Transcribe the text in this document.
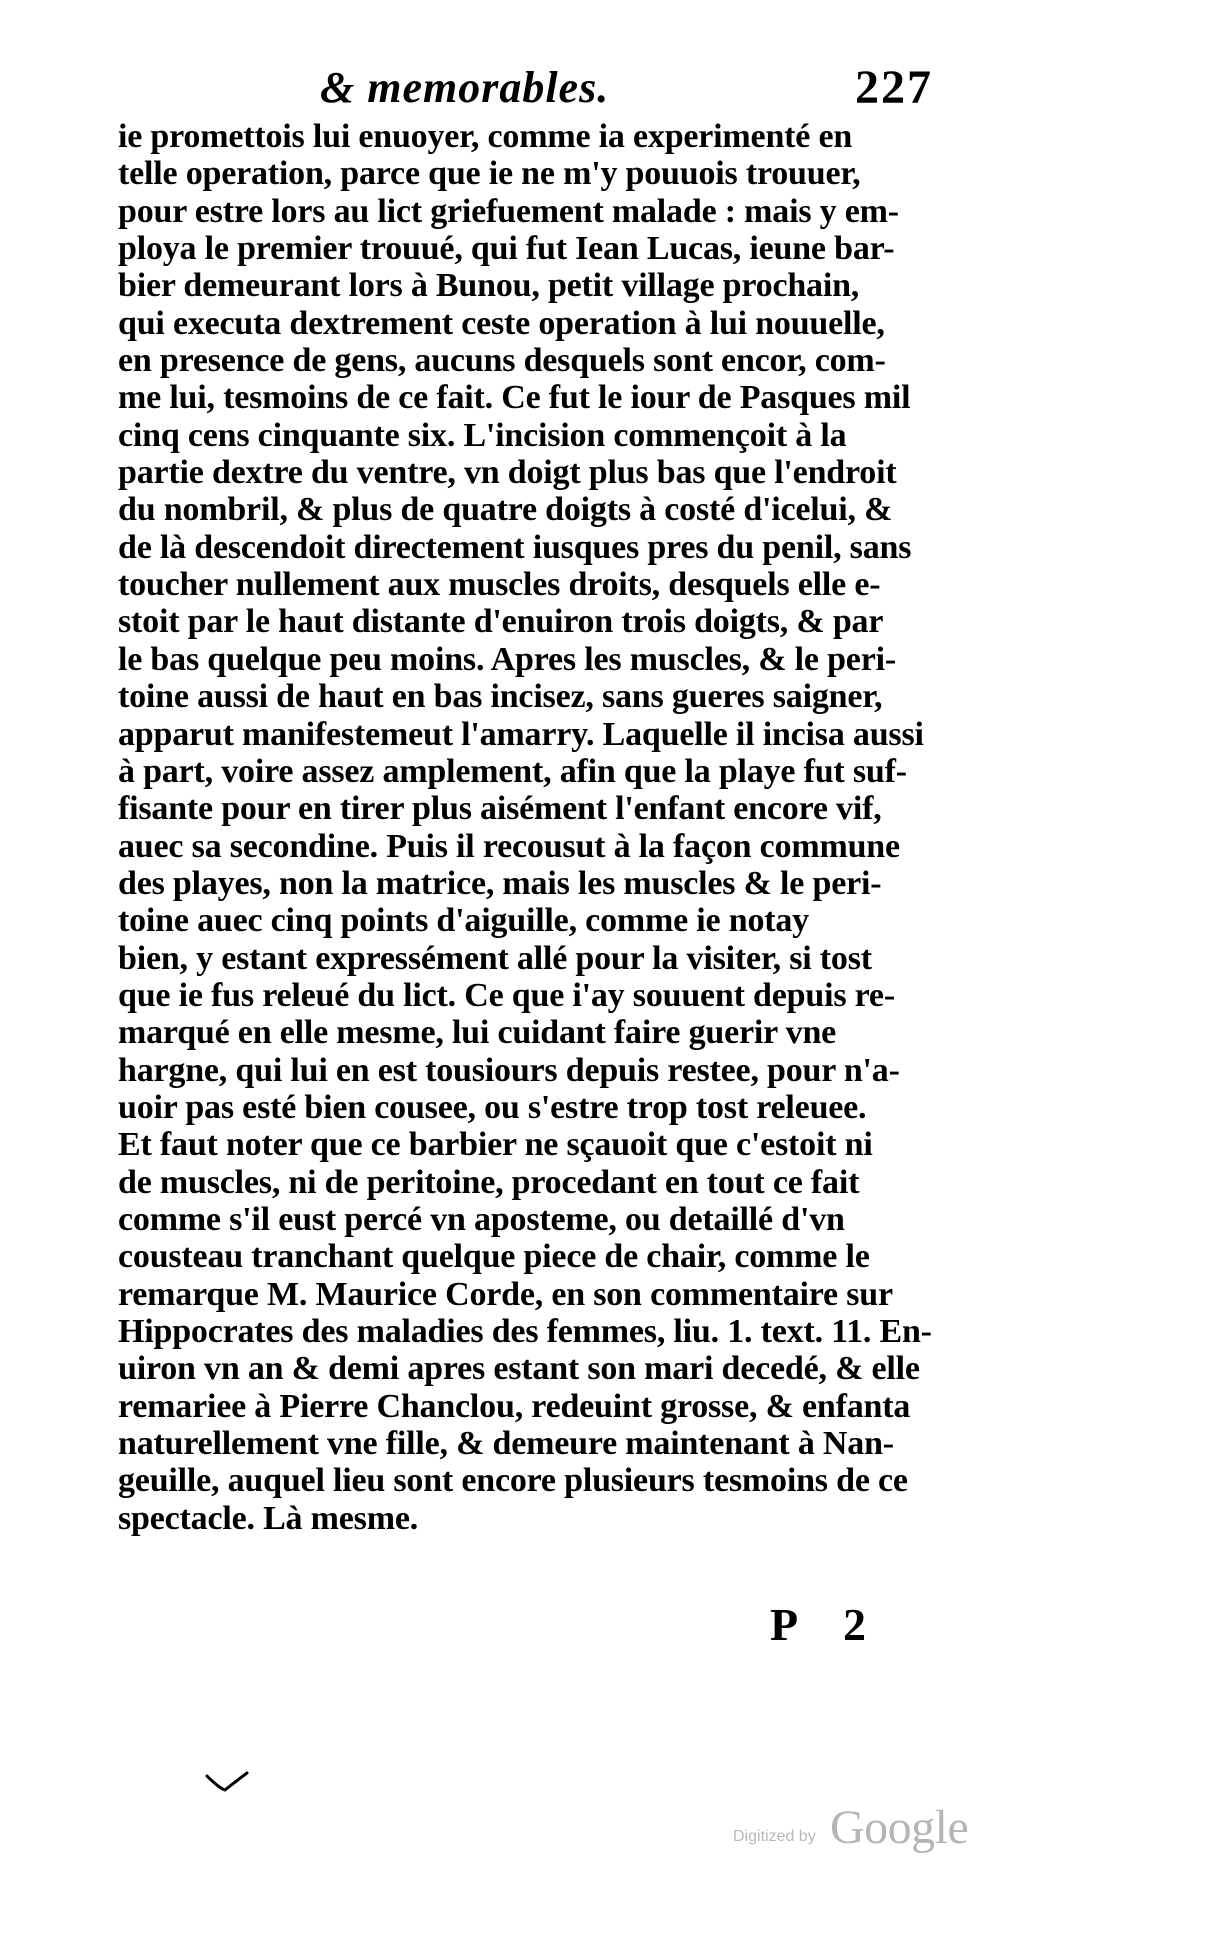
& memorables.	227
ie promettois lui enuoyer, comme ia experimenté en
telle operation, parce que ie ne m'y pouuois trouuer,
pour estre lors au lict griefuement malade : mais y em-
ploya le premier trouué, qui fut Iean Lucas, ieune bar-
bier demeurant lors à Bunou, petit village prochain,
qui executa dextrement ceste operation à lui nouuelle,
en presence de gens, aucuns desquels sont encor, com-
me lui, tesmoins de ce fait. Ce fut le iour de Pasques mil
cinq cens cinquante six. L'incision commençoit à la
partie dextre du ventre, vn doigt plus bas que l'endroit
du nombril, & plus de quatre doigts à costé d'icelui, &
de là descendoit directement iusques pres du penil, sans
toucher nullement aux muscles droits, desquels elle e-
stoit par le haut distante d'enuiron trois doigts, & par
le bas quelque peu moins. Apres les muscles, & le peri-
toine aussi de haut en bas incisez, sans gueres saigner,
apparut manifestemeut l'amarry. Laquelle il incisa aussi
à part, voire assez amplement, afin que la playe fut suf-
fisante pour en tirer plus aisément l'enfant encore vif,
auec sa secondine. Puis il recousut à la façon commune
des playes, non la matrice, mais les muscles & le peri-
toine auec cinq points d'aiguille, comme ie notay
bien, y estant expressément allé pour la visiter, si tost
que ie fus releué du lict. Ce que i'ay souuent depuis re-
marqué en elle mesme, lui cuidant faire guerir vne
hargne, qui lui en est tousiours depuis restee, pour n'a-
uoir pas esté bien cousee, ou s'estre trop tost releuee.
Et faut noter que ce barbier ne sçauoit que c'estoit ni
de muscles, ni de peritoine, procedant en tout ce fait
comme s'il eust percé vn aposteme, ou detaillé d'vn
cousteau tranchant quelque piece de chair, comme le
remarque M. Maurice Corde, en son commentaire sur
Hippocrates des maladies des femmes, liu. 1. text. 11. En-
uiron vn an & demi apres estant son mari decedé, & elle
remariee à Pierre Chanclou, redeuint grosse, & enfanta
naturellement vne fille, & demeure maintenant à Nan-
geuille, auquel lieu sont encore plusieurs tesmoins de ce
spectacle. Là mesme.
P 2
Digitized by Google
